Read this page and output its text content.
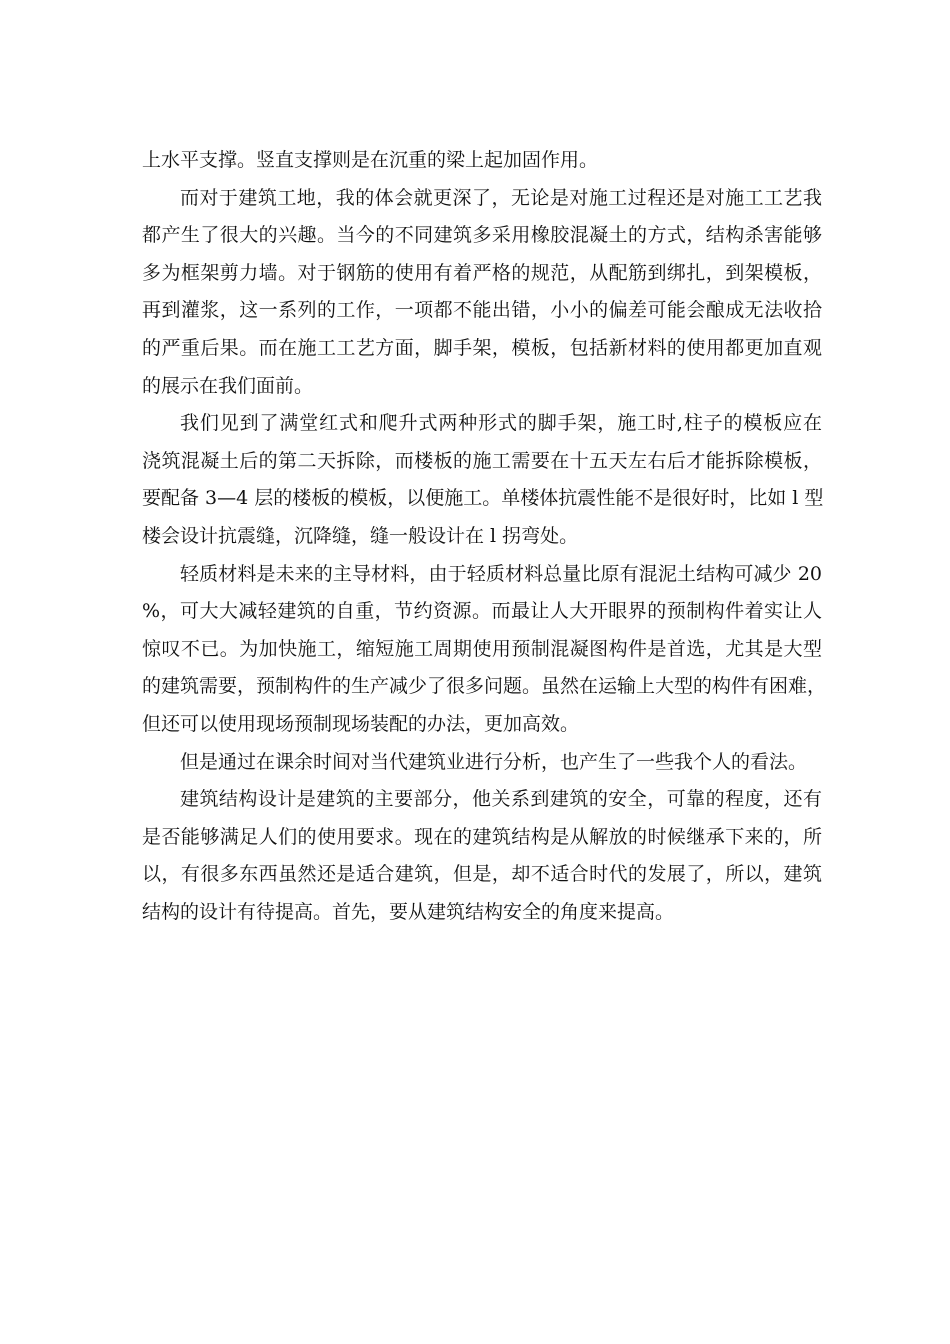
上水平支撑。竖直支撑则是在沉重的梁上起加固作用。
而对于建筑工地，我的体会就更深了，无论是对施工过程还是对施工工艺我
都产生了很大的兴趣。当今的不同建筑多采用橡胶混凝土的方式，结构杀害能够
多为框架剪力墙。对于钢筋的使用有着严格的规范，从配筋到绑扎，到架模板，
再到灌浆，这一系列的工作，一项都不能出错，小小的偏差可能会酿成无法收拾
的严重后果。而在施工工艺方面，脚手架，模板，包括新材料的使用都更加直观
的展示在我们面前。
我们见到了满堂红式和爬升式两种形式的脚手架，施工时,柱子的模板应在
浇筑混凝土后的第二天拆除，而楼板的施工需要在十五天左右后才能拆除模板，
要配备 3—4 层的楼板的模板，以便施工。单楼体抗震性能不是很好时，比如 l 型
楼会设计抗震缝，沉降缝，缝一般设计在 l 拐弯处。
轻质材料是未来的主导材料，由于轻质材料总量比原有混泥土结构可减少 20
%，可大大减轻建筑的自重，节约资源。而最让人大开眼界的预制构件着实让人
惊叹不已。为加快施工，缩短施工周期使用预制混凝图构件是首选，尤其是大型
的建筑需要，预制构件的生产减少了很多问题。虽然在运输上大型的构件有困难，
但还可以使用现场预制现场装配的办法，更加高效。
但是通过在课余时间对当代建筑业进行分析，也产生了一些我个人的看法。
建筑结构设计是建筑的主要部分，他关系到建筑的安全，可靠的程度，还有
是否能够满足人们的使用要求。现在的建筑结构是从解放的时候继承下来的，所
以，有很多东西虽然还是适合建筑，但是，却不适合时代的发展了，所以，建筑
结构的设计有待提高。首先，要从建筑结构安全的角度来提高。
